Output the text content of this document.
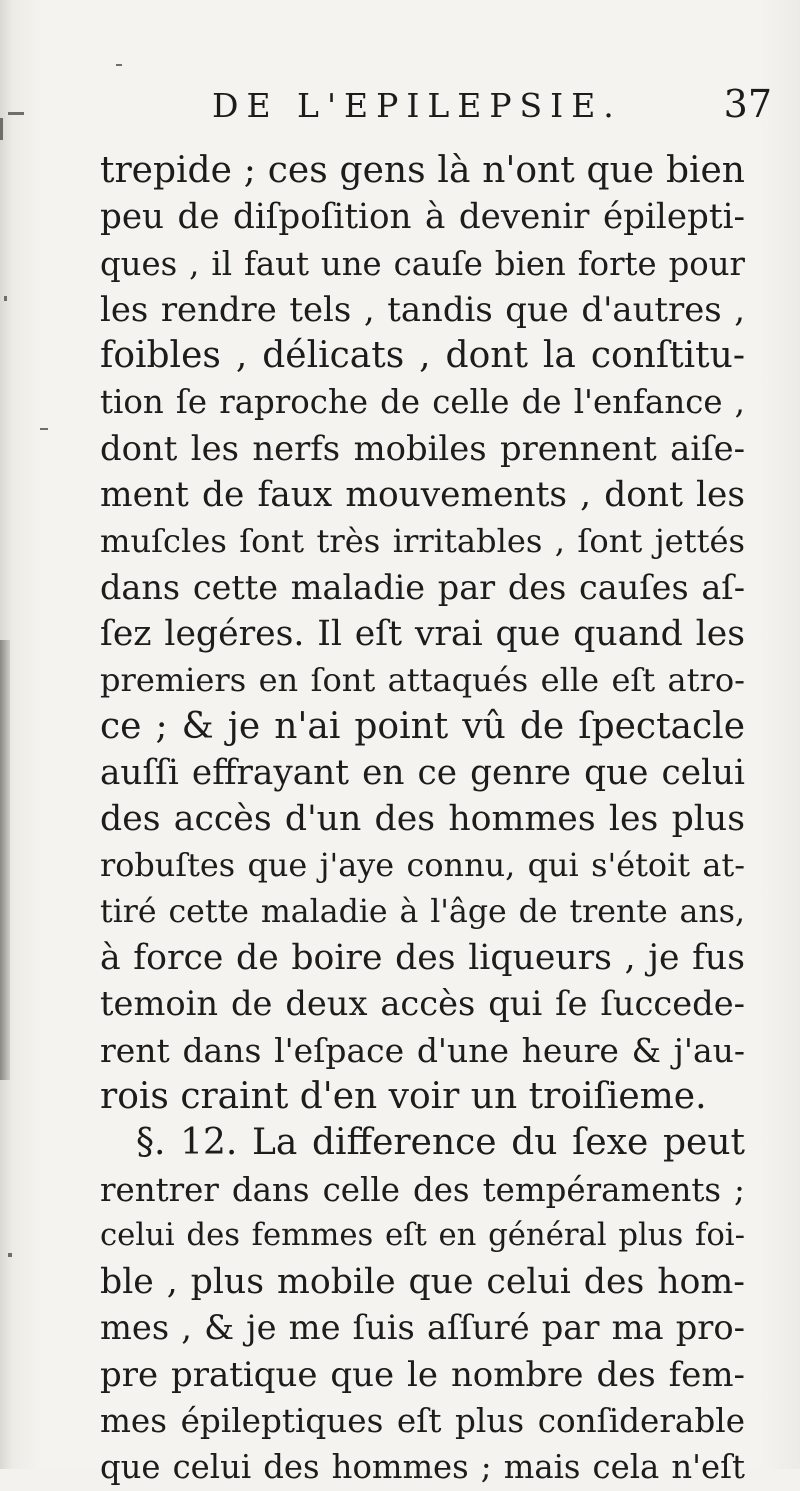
DE L'EPILEPSIE.	37
trepide ; ces gens là n'ont que bien
peu de diſpoſition à devenir épilepti-
ques , il faut une cauſe bien forte pour
les rendre tels , tandis que d'autres ,
foibles , délicats , dont la conſtitu-
tion ſe raproche de celle de l'enfance ,
dont les nerfs mobiles prennent aiſe-
ment de faux mouvements , dont les
muſcles ſont très irritables , ſont jettés
dans cette maladie par des cauſes aſ-
ſez legéres. Il eſt vrai que quand les
premiers en ſont attaqués elle eſt atro-
ce ; & je n'ai point vû de ſpectacle
auſſi effrayant en ce genre que celui
des accès d'un des hommes les plus
robuſtes que j'aye connu, qui s'étoit at-
tiré cette maladie à l'âge de trente ans,
à force de boire des liqueurs , je fus
temoin de deux accès qui ſe ſuccede-
rent dans l'eſpace d'une heure & j'au-
rois craint d'en voir un troiſieme.
§. 12. La difference du ſexe peut
rentrer dans celle des tempéraments ;
celui des femmes eſt en général plus foi-
ble , plus mobile que celui des hom-
mes , & je me ſuis aſſuré par ma pro-
pre pratique que le nombre des fem-
mes épileptiques eſt plus conſiderable
que celui des hommes ; mais cela n'eſt
